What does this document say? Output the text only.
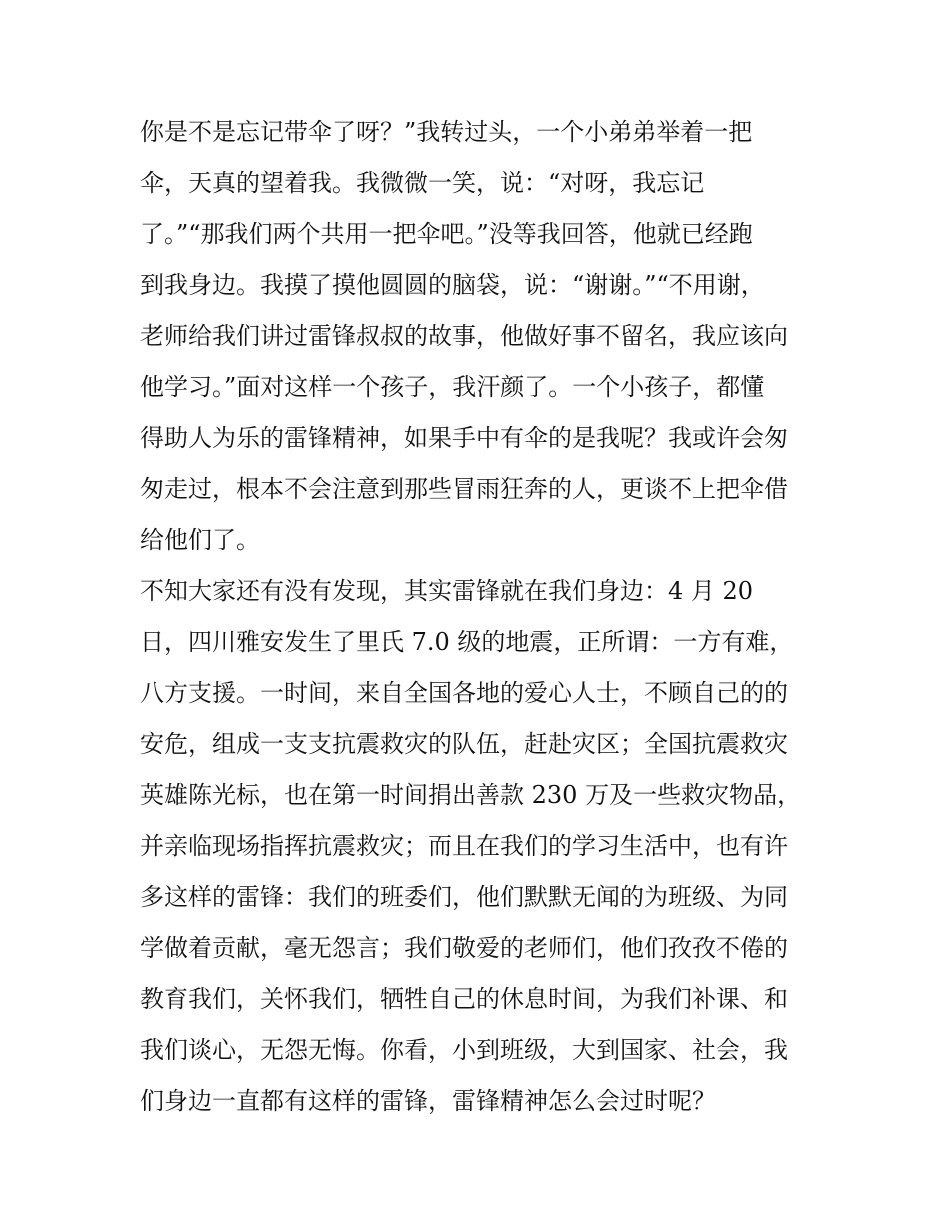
你是不是忘记带伞了呀？”我转过头，一个小弟弟举着一把
伞，天真的望着我。我微微一笑，说：“对呀，我忘记
了。”“那我们两个共用一把伞吧。”没等我回答，他就已经跑
到我身边。我摸了摸他圆圆的脑袋，说：“谢谢。”“不用谢，
老师给我们讲过雷锋叔叔的故事，他做好事不留名，我应该向
他学习。”面对这样一个孩子，我汗颜了。一个小孩子，都懂
得助人为乐的雷锋精神，如果手中有伞的是我呢？我或许会匆
匆走过，根本不会注意到那些冒雨狂奔的人，更谈不上把伞借
给他们了。
不知大家还有没有发现，其实雷锋就在我们身边：4 月 20
日，四川雅安发生了里氏 7.0 级的地震，正所谓：一方有难，
八方支援。一时间，来自全国各地的爱心人士，不顾自己的的
安危，组成一支支抗震救灾的队伍，赶赴灾区；全国抗震救灾
英雄陈光标，也在第一时间捐出善款 230 万及一些救灾物品，
并亲临现场指挥抗震救灾；而且在我们的学习生活中，也有许
多这样的雷锋：我们的班委们，他们默默无闻的为班级、为同
学做着贡献，毫无怨言；我们敬爱的老师们，他们孜孜不倦的
教育我们，关怀我们，牺牲自己的休息时间，为我们补课、和
我们谈心，无怨无悔。你看，小到班级，大到国家、社会，我
们身边一直都有这样的雷锋，雷锋精神怎么会过时呢？
